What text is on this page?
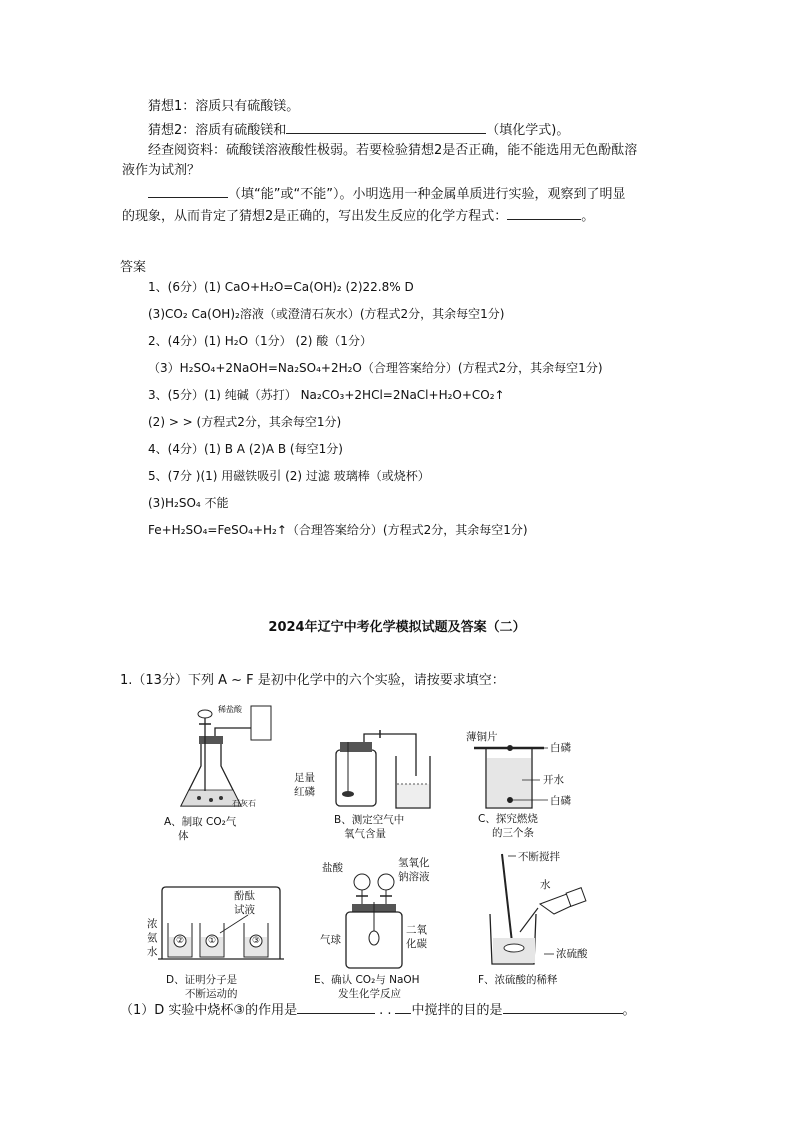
猜想1：溶质只有硫酸镁。
猜想2：溶质有硫酸镁和	（填化学式)。
经查阅资料：硫酸镁溶液酸性极弱。若要检验猜想2是否正确，能不能选用无色酚酞溶
液作为试剂？
（填“能”或“不能”）。小明选用一种金属单质进行实验，观察到了明显
的现象，从而肯定了猜想2是正确的，写出发生反应的化学方程式：	。
答案
1、(6分）(1) CaO+H₂O=Ca(OH)₂ (2)22.8% D
(3)CO₂ Ca(OH)₂溶液（或澄清石灰水）(方程式2分，其余每空1分)
2、(4分）(1) H₂O（1分） (2) 酸（1分）
（3）H₂SO₄+2NaOH=Na₂SO₄+2H₂O（合理答案给分）(方程式2分，其余每空1分)
3、(5分）(1) 纯碱（苏打） Na₂CO₃+2HCl=2NaCl+H₂O+CO₂↑
(2) > > (方程式2分，其余每空1分)
4、(4分）(1) B A (2)A B (每空1分)
5、(7分 )(1) 用磁铁吸引 (2) 过滤 玻璃棒（或烧杯）
(3)H₂SO₄ 不能
Fe+H₂SO₄=FeSO₄+H₂↑（合理答案给分）(方程式2分，其余每空1分)
2024年辽宁中考化学模拟试题及答案（二）
1.（13分）下列 A ~ F 是初中化学中的六个实验，请按要求填空：
稀盐酸
石灰石
A、制取 CO₂气
体
足量
红磷
B、测定空气中
氧气含量
薄铜片
白磷
开水
白磷
C、探究燃烧
的三个条
②	①	③
酚酞
试液
浓
氨
水
D、证明分子是
不断运动的
盐酸	氢氧化
钠溶液
气球
二氧
化碳
E、确认 CO₂与 NaOH
发生化学反应
不断搅拌
水
浓硫酸
F、浓硫酸的稀释
（1）D 实验中烧杯③的作用是	. . 中搅拌的目的是	。
